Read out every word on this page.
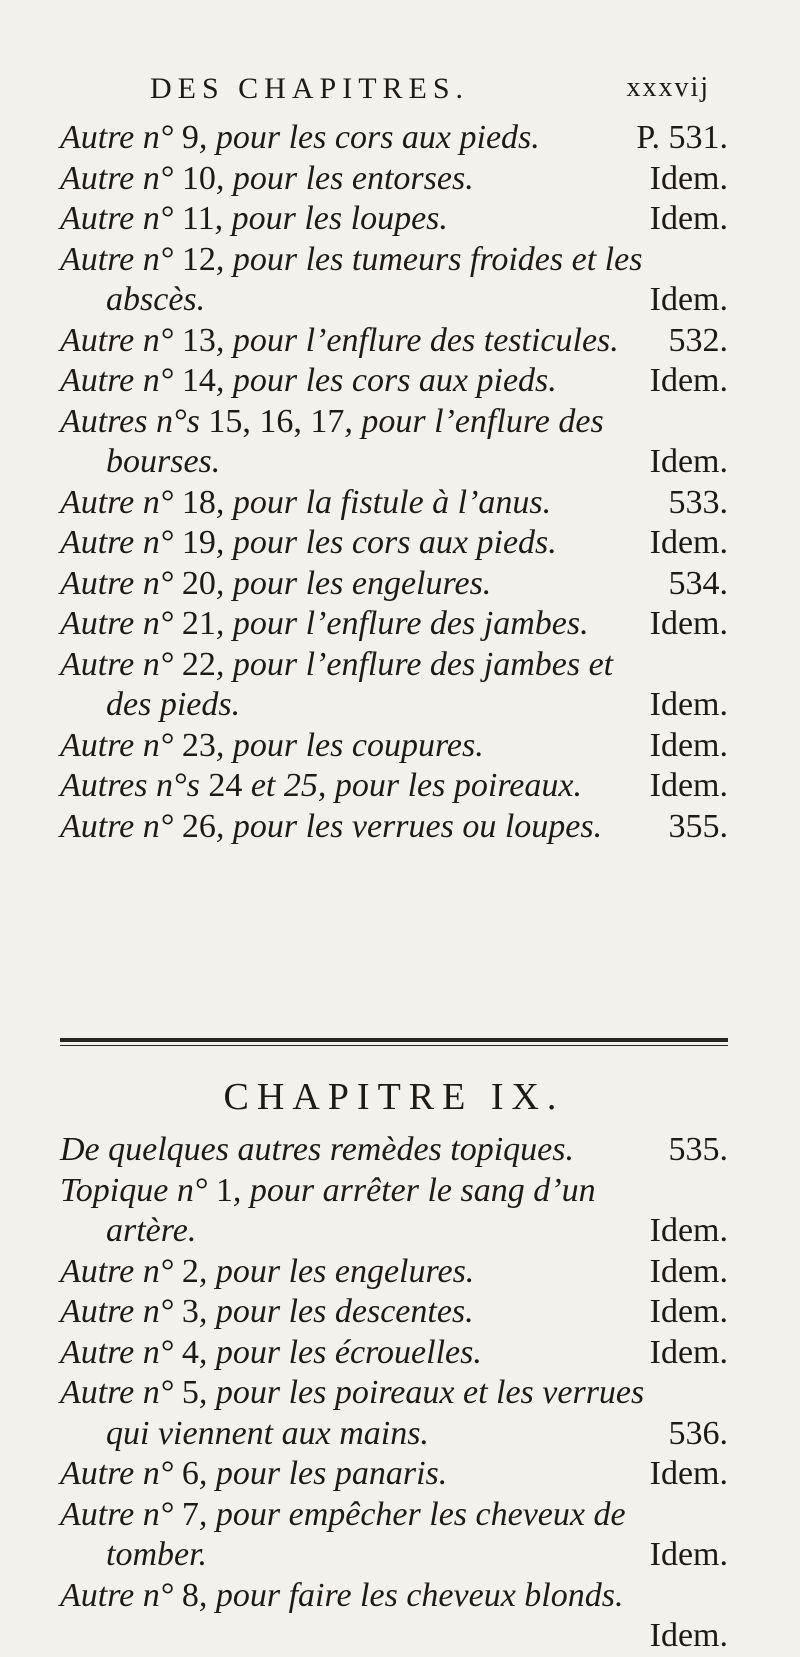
DES CHAPITRES.	xxxvij
Autre n° 9, pour les cors aux pieds.	P. 531.
Autre n° 10, pour les entorses.	Idem.
Autre n° 11, pour les loupes.	Idem.
Autre n° 12, pour les tumeurs froides et les
abscès.	Idem.
Autre n° 13, pour l’enflure des testicules. 532.
Autre n° 14, pour les cors aux pieds.	Idem.
Autres n°s 15, 16, 17, pour l’enflure des
bourses.	Idem.
Autre n° 18, pour la fistule à l’anus.	533.
Autre n° 19, pour les cors aux pieds.	Idem.
Autre n° 20, pour les engelures.	534.
Autre n° 21, pour l’enflure des jambes. Idem.
Autre n° 22, pour l’enflure des jambes et
des pieds.	Idem.
Autre n° 23, pour les coupures.	Idem.
Autres n°s 24 et 25, pour les poireaux. Idem.
Autre n° 26, pour les verrues ou loupes. 355.
CHAPITRE IX.
De quelques autres remèdes topiques.	535.
Topique n° 1, pour arrêter le sang d’un
artère.	Idem.
Autre n° 2, pour les engelures.	Idem.
Autre n° 3, pour les descentes.	Idem.
Autre n° 4, pour les écrouelles.	Idem.
Autre n° 5, pour les poireaux et les verrues
qui viennent aux mains.	536.
Autre n° 6, pour les panaris.	Idem.
Autre n° 7, pour empêcher les cheveux de
tomber.	Idem.
Autre n° 8, pour faire les cheveux blonds.
Idem.
